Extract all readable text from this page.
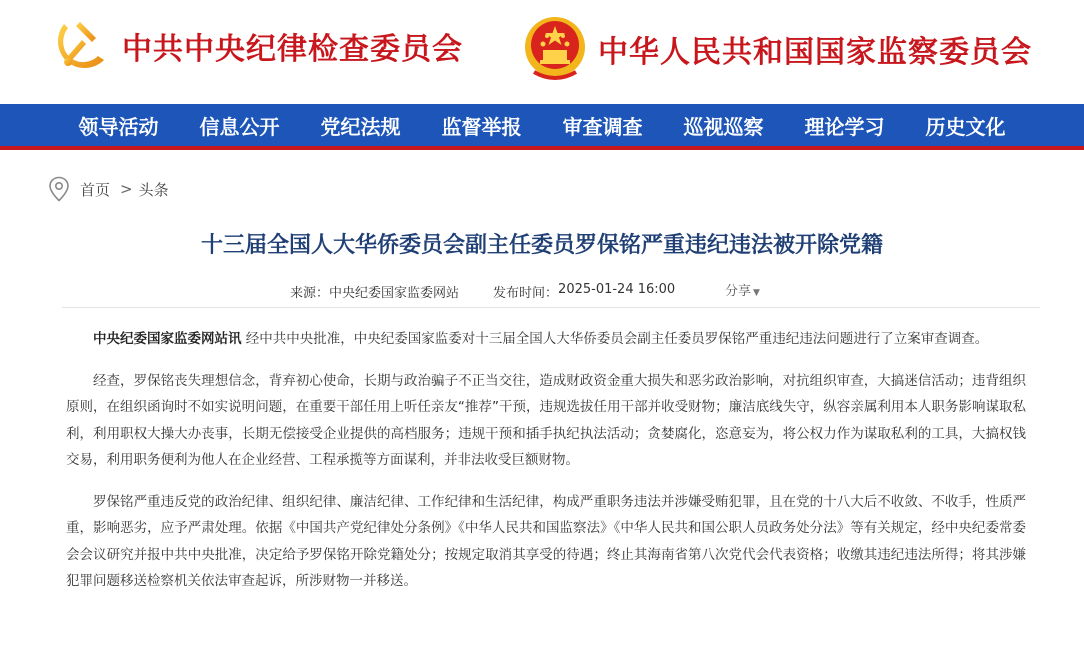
中共中央纪律检查委员会	中华人民共和国国家监察委员会
领导活动	信息公开	党纪法规	监督举报	审查调查	巡视巡察	理论学习	历史文化
首页 > 头条
十三届全国人大华侨委员会副主任委员罗保铭严重违纪违法被开除党籍
来源： 中央纪委国家监委网站	发布时间： 2025-01-24 16:00	分享 ▼

中央纪委国家监委网站讯 经中共中央批准，中央纪委国家监委对十三届全国人大华侨委员会副主任委员罗保铭严重违纪违法问题进行了立案审查调查。

经查，罗保铭丧失理想信念，背弃初心使命，长期与政治骗子不正当交往，造成财政资金重大损失和恶劣政治影响，对抗组织审查，大搞迷信活动；违背组织原则，在组织函询时不如实说明问题，在重要干部任用上听任亲友“推荐”干预，违规选拔任用干部并收受财物；廉洁底线失守，纵容亲属利用本人职务影响谋取私利，利用职权大操大办丧事，长期无偿接受企业提供的高档服务；违规干预和插手执纪执法活动；贪婪腐化，恣意妄为，将公权力作为谋取私利的工具，大搞权钱交易，利用职务便利为他人在企业经营、工程承揽等方面谋利，并非法收受巨额财物。

罗保铭严重违反党的政治纪律、组织纪律、廉洁纪律、工作纪律和生活纪律，构成严重职务违法并涉嫌受贿犯罪，且在党的十八大后不收敛、不收手，性质严重，影响恶劣，应予严肃处理。依据《中国共产党纪律处分条例》《中华人民共和国监察法》《中华人民共和国公职人员政务处分法》等有关规定，经中央纪委常委会会议研究并报中共中央批准，决定给予罗保铭开除党籍处分；按规定取消其享受的待遇；终止其海南省第八次党代会代表资格；收缴其违纪违法所得；将其涉嫌犯罪问题移送检察机关依法审查起诉，所涉财物一并移送。
